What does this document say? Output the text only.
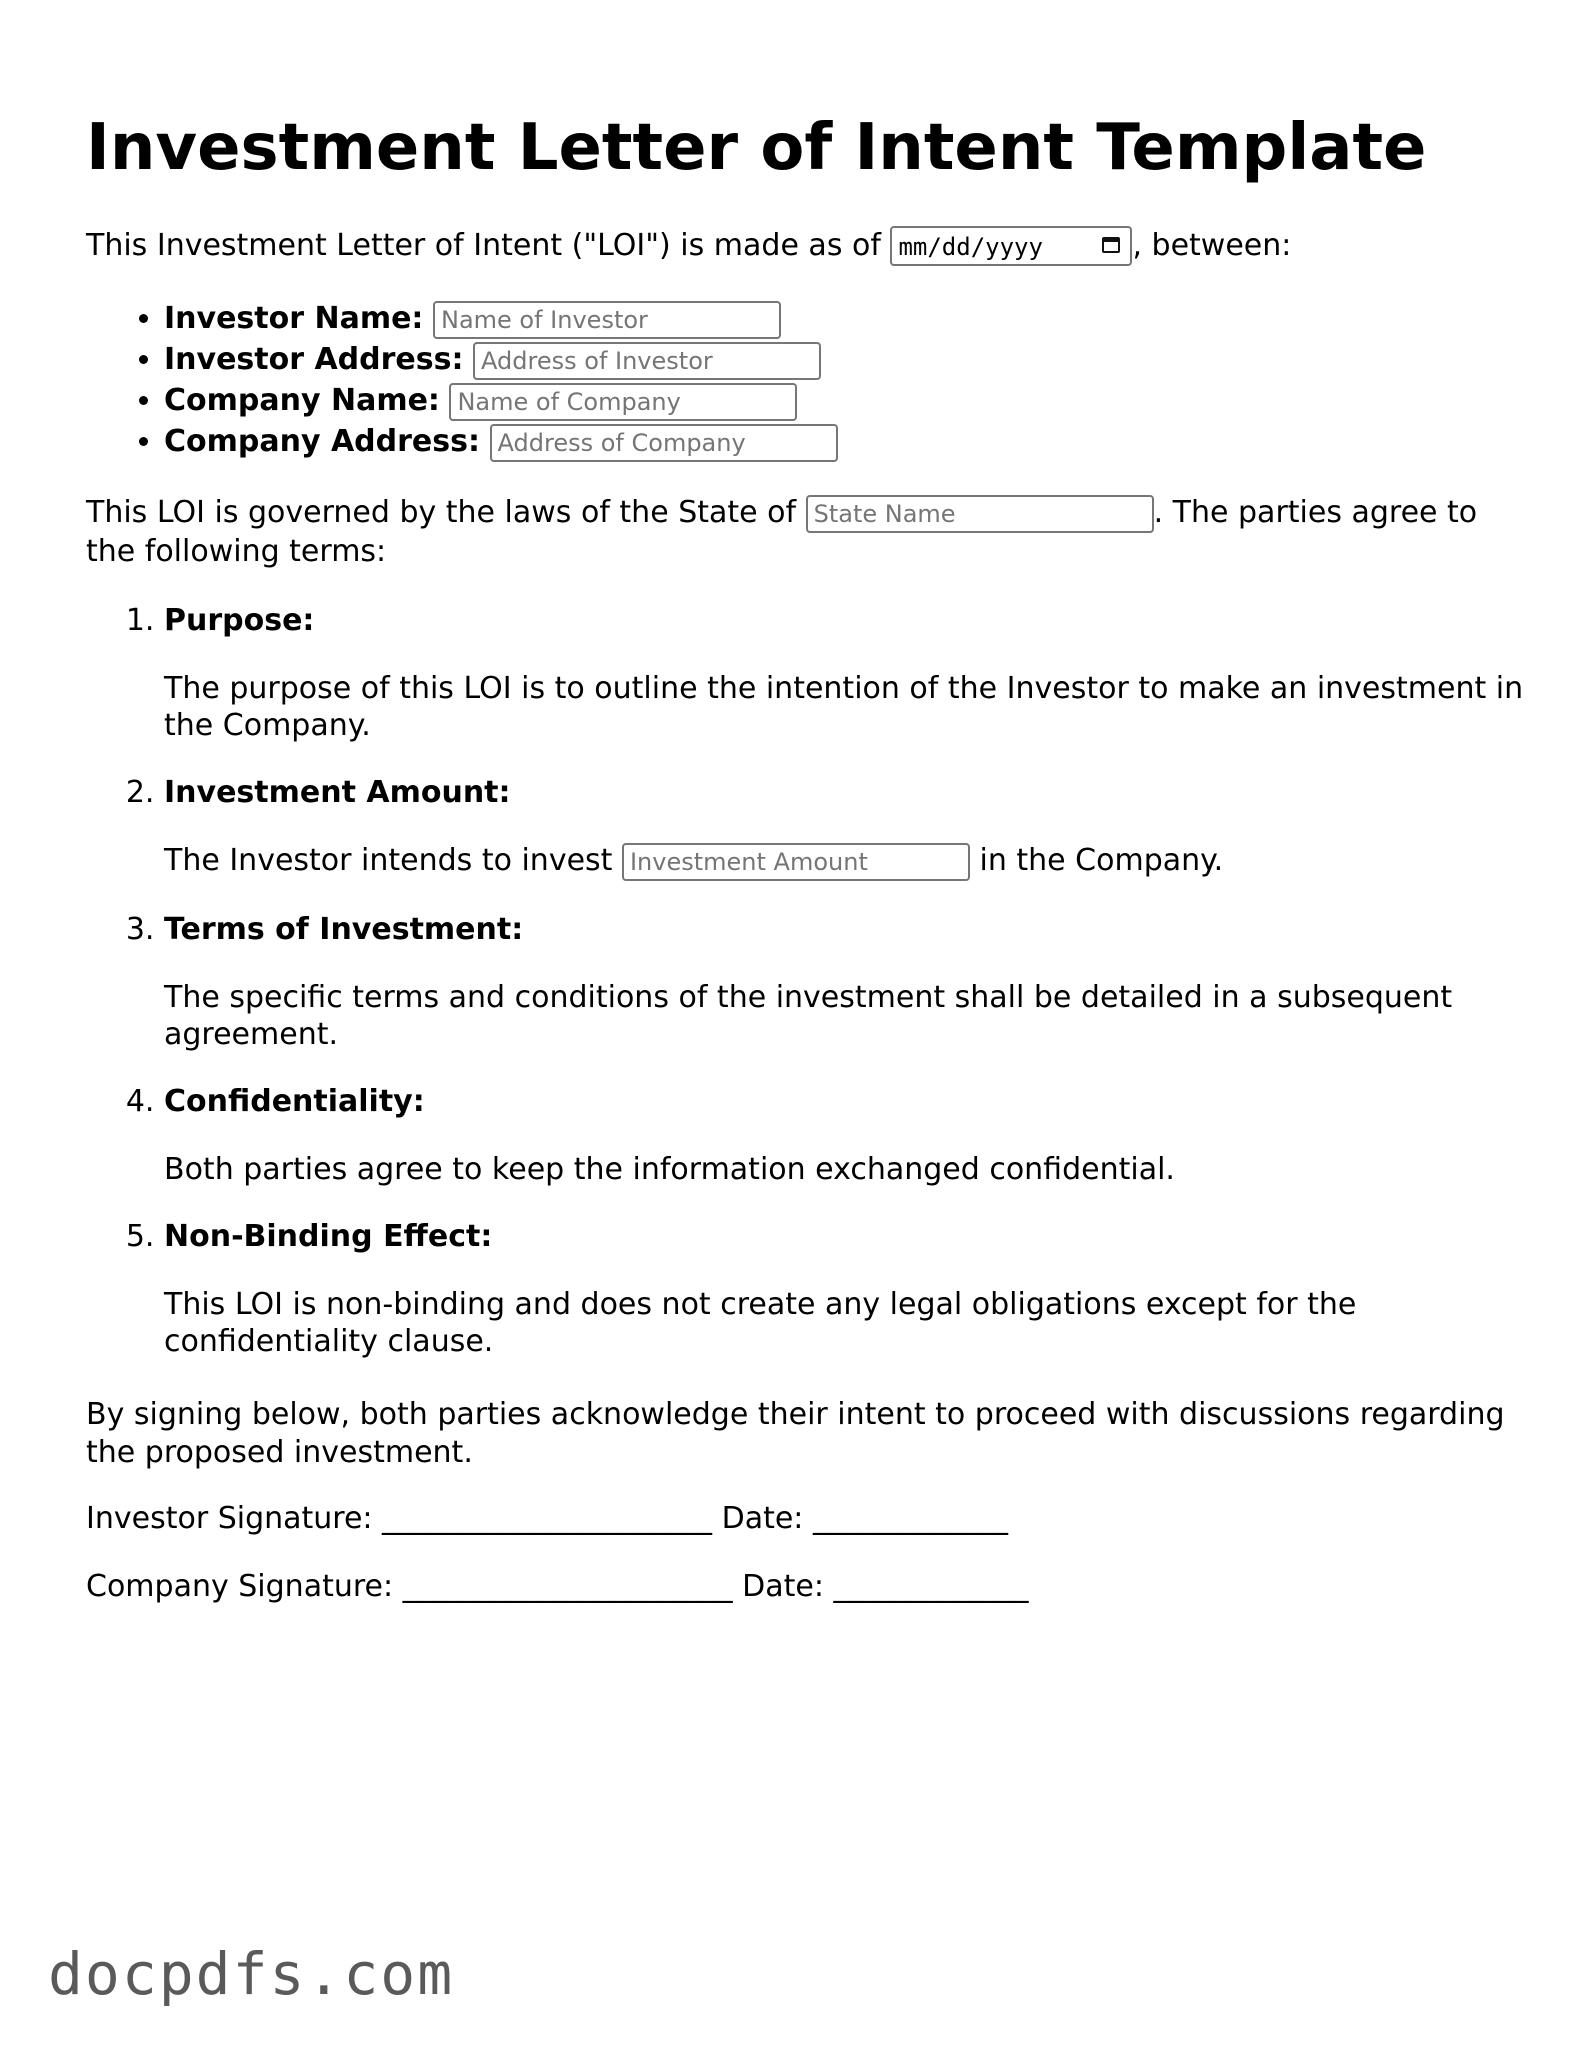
Investment Letter of Intent Template
This Investment Letter of Intent ("LOI") is made as of mm/dd/yyyy	, between:
• Investor Name: Name of Investor
• Investor Address: Address of Investor
• Company Name: Name of Company
• Company Address: Address of Company
This LOI is governed by the laws of the State of State Name	. The parties agree to the following terms:
1. Purpose:
The purpose of this LOI is to outline the intention of the Investor to make an investment in the Company.
2. Investment Amount:
The Investor intends to invest Investment Amount	in the Company.
3. Terms of Investment:
The specific terms and conditions of the investment shall be detailed in a subsequent agreement.
4. Confidentiality:
Both parties agree to keep the information exchanged confidential.
5. Non-Binding Effect:
This LOI is non-binding and does not create any legal obligations except for the confidentiality clause.
By signing below, both parties acknowledge their intent to proceed with discussions regarding the proposed investment.
Investor Signature: ______________________ Date: _____________
Company Signature: ______________________ Date: _____________
docpdfs.com
